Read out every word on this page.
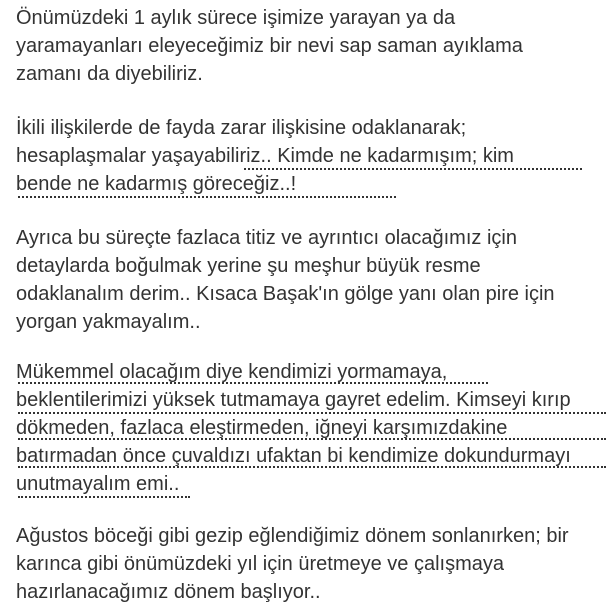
Önümüzdeki 1 aylık sürece işimize yarayan ya da
yaramayanları eleyeceğimiz bir nevi sap saman ayıklama
zamanı da diyebiliriz.

İkili ilişkilerde de fayda zarar ilişkisine odaklanarak;
hesaplaşmalar yaşayabiliriz.. Kimde ne kadarmışım; kim
bende ne kadarmış göreceğiz..!

Ayrıca bu süreçte fazlaca titiz ve ayrıntıcı olacağımız için
detaylarda boğulmak yerine şu meşhur büyük resme
odaklanalım derim.. Kısaca Başak'ın gölge yanı olan pire için
yorgan yakmayalım..

Mükemmel olacağım diye kendimizi yormamaya,
beklentilerimizi yüksek tutmamaya gayret edelim. Kimseyi kırıp
dökmeden, fazlaca eleştirmeden, iğneyi karşımızdakine
batırmadan önce çuvaldızı ufaktan bi kendimize dokundurmayı
unutmayalım emi..

Ağustos böceği gibi gezip eğlendiğimiz dönem sonlanırken; bir
karınca gibi önümüzdeki yıl için üretmeye ve çalışmaya
hazırlanacağımız dönem başlıyor..
